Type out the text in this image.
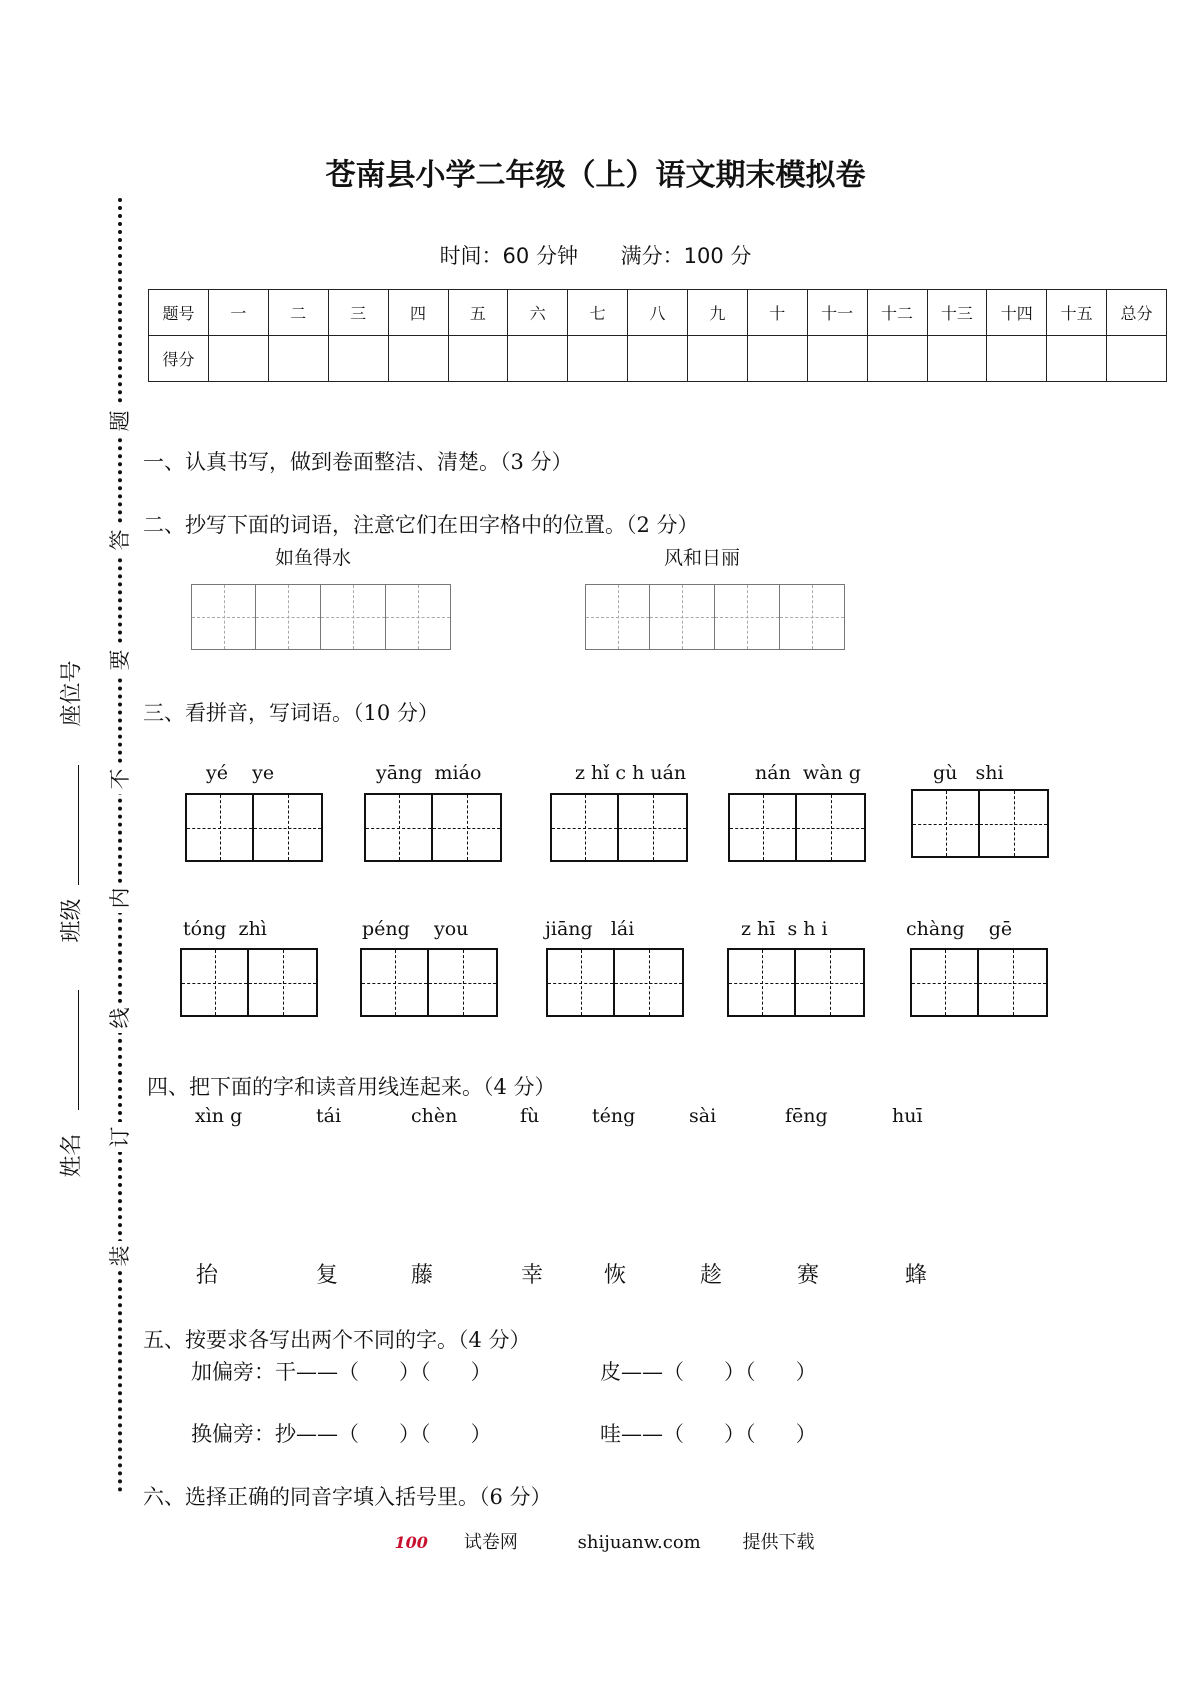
苍南县小学二年级（上）语文期末模拟卷
时间：60 分钟 满分：100 分
题号	一	二	三	四	五	六	七	八	九	十	十一	十二	十三	十四	十五	总分
得分																
题
答
要
不
内
线
订
装
姓名
班级
座位号
一、认真书写，做到卷面整洁、清楚。（3 分）
二、抄写下面的词语，注意它们在田字格中的位置。（2 分）
如鱼得水	风和日丽
三、看拼音，写词语。（10 分）
yé    ye	yāng  miáo	z hǐ c h uán	nán  wàn g	gù   shi
tóng  zhì	péng    you	jiāng   lái	z hī  s h i	chàng    gē
四、把下面的字和读音用线连起来。（4 分）
xìn g	tái	chèn	fù	téng	sài	fēng	huī
抬	复	藤	幸	恢	趁	赛	蜂
五、按要求各写出两个不同的字。（4 分）
加偏旁：干——（      ）（      ）	皮——（      ）（      ）
换偏旁：抄——（      ）（      ）	哇——（      ）（      ）
六、选择正确的同音字填入括号里。（6 分）
100 试卷网	shijuanw.com 提供下载
